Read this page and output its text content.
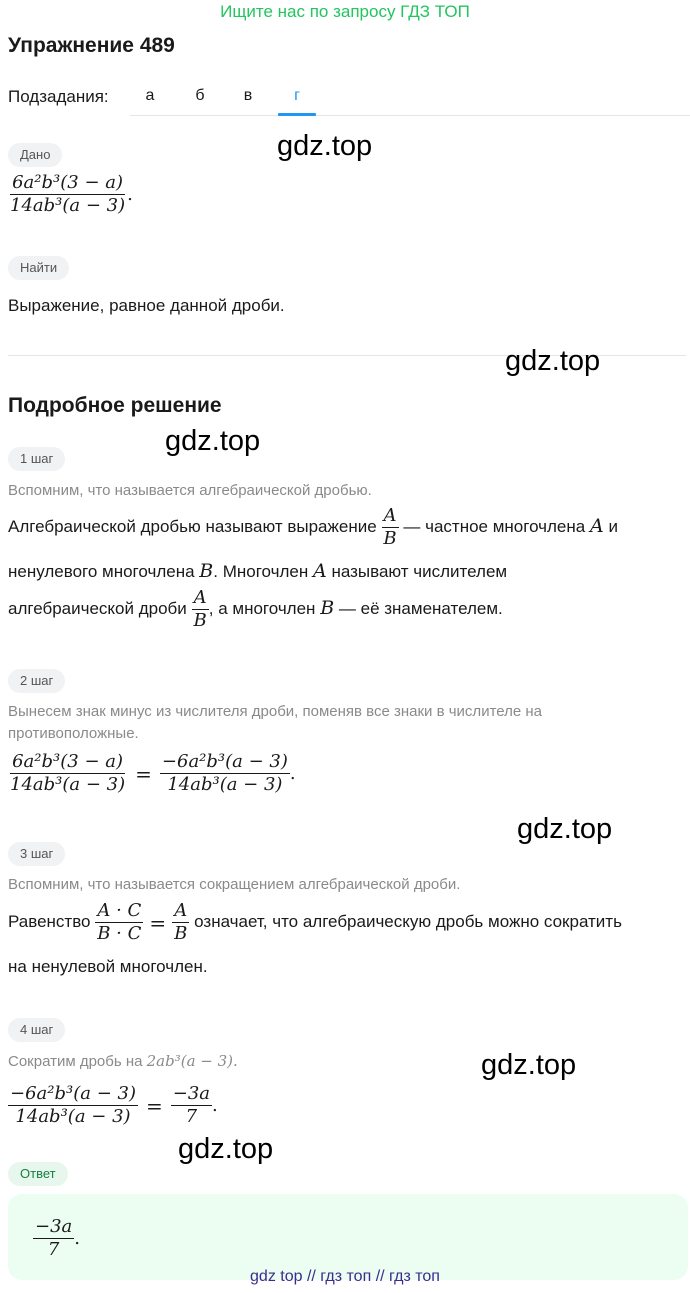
Ищите нас по запросу ГДЗ ТОП
Упражнение 489
Подзадания:	а	б	в	г
Дано	gdz.top
$\frac{\text{6a²b³(3 − a)}}{\text{14ab³(a − 3)}}$ .
Найти
Выражение, равное данной дроби.
gdz.top
Подробное решение
gdz.top
1 шаг
Вспомним, что называется алгебраической дробью.
Алгебраической дробью называют выражение $\frac{A}{B}$ — частное многочлена A и
ненулевого многочлена B. Многочлен A называют числителем
алгебраической дроби $\frac{A}{B}$ , а многочлен B — её знаменателем.
2 шаг
Вынесем знак минус из числителя дроби, поменяв все знаки в числителе на противоположные.
$\frac{\text{6a²b³(3 − a)}}{\text{14ab³(a − 3)}} = \frac{\text{−6a²b³(a − 3)}}{\text{14ab³(a − 3)}}$ .
gdz.top
3 шаг
Вспомним, что называется сокращением алгебраической дроби.
Равенство $\frac{A \cdot C}{B \cdot C} = \frac{A}{B}$ означает, что алгебраическую дробь можно сократить
на ненулевой многочлен.
4 шаг
Сократим дробь на 2ab³(a − 3).	gdz.top
$\frac{\text{−6a²b³(a − 3)}}{\text{14ab³(a − 3)}} = \frac{-3a}{7}$ .
gdz.top
Ответ
$\frac{-3a}{7}$ .
gdz top // гдз топ // гдз топ
